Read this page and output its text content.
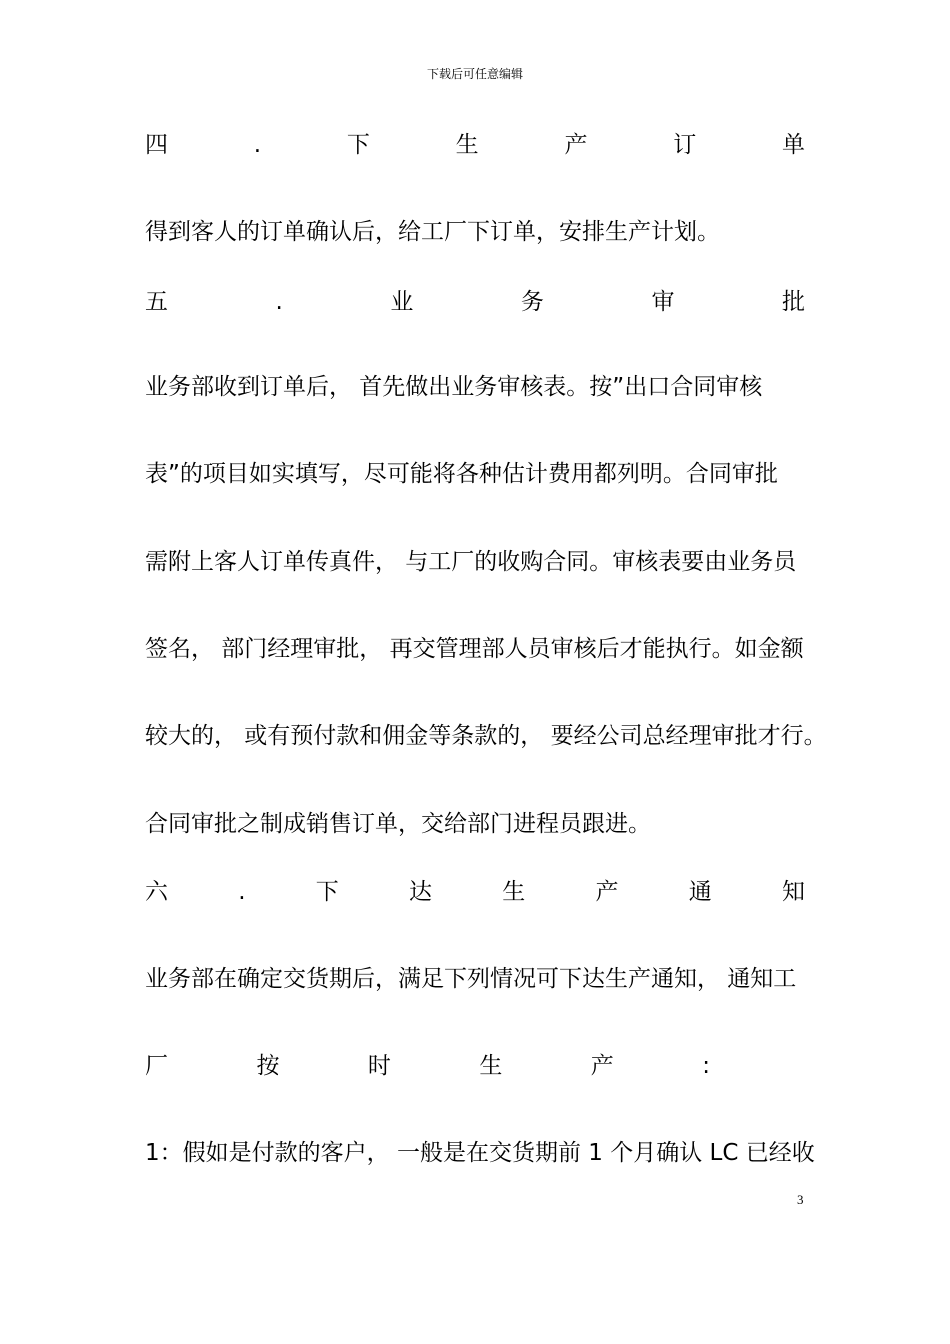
下载后可任意编辑
四	.	下	生	产	订	单
得到客人的订单确认后，给工厂下订单，安排生产计划。
五	.	业	务	审	批
业务部收到订单后， 首先做出业务审核表。按”出口合同审核
表”的项目如实填写，尽可能将各种估计费用都列明。合同审批
需附上客人订单传真件， 与工厂的收购合同。审核表要由业务员
签名， 部门经理审批， 再交管理部人员审核后才能执行。如金额
较大的， 或有预付款和佣金等条款的， 要经公司总经理审批才行。
合同审批之制成销售订单，交给部门进程员跟进。
六	.	下	达	生	产	通	知
业务部在确定交货期后，满足下列情况可下达生产通知， 通知工
厂	按	时	生	产	:
1：假如是付款的客户， 一般是在交货期前 1 个月确认 LC 已经收
3
